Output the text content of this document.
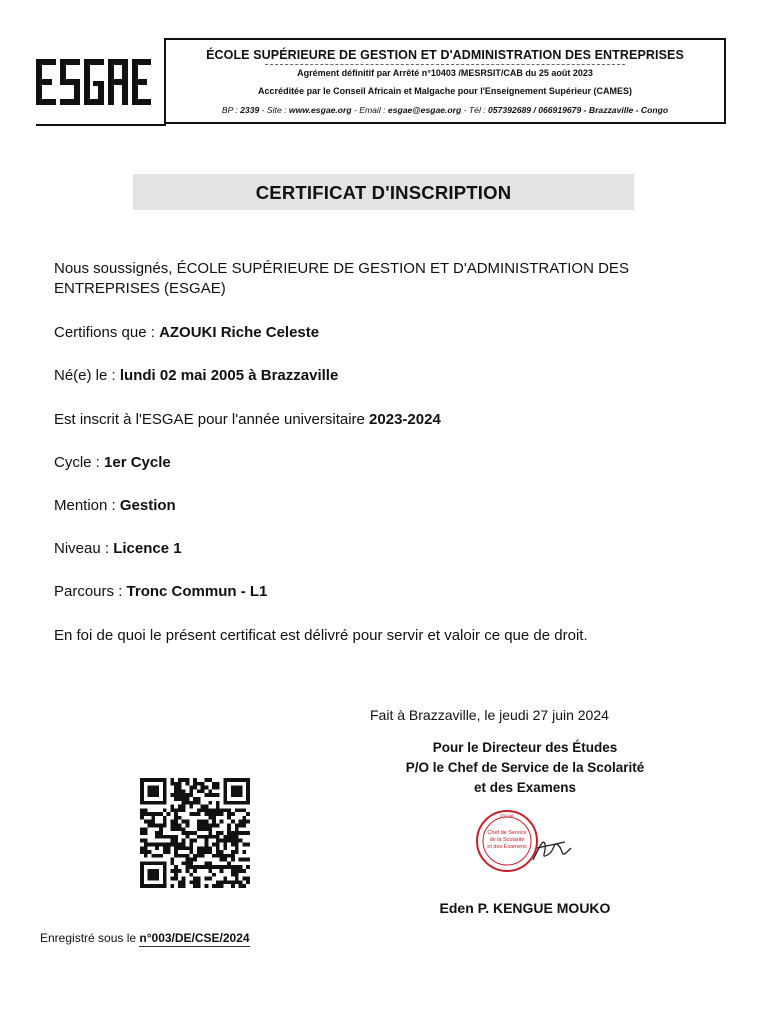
ÉCOLE SUPÉRIEURE DE GESTION ET D'ADMINISTRATION DES ENTREPRISES
Agrément définitif par Arrêté n°10403 /MESRSIT/CAB du 25 août 2023
Accréditée par le Conseil Africain et Malgache pour l'Enseignement Supérieur (CAMES)
BP : 2339 - Site : www.esgae.org - Email : esgae@esgae.org - Tél : 057392689 / 066919679 - Brazzaville - Congo
CERTIFICAT D'INSCRIPTION
Nous soussignés, ÉCOLE SUPÉRIEURE DE GESTION ET D'ADMINISTRATION DES ENTREPRISES (ESGAE)
Certifions que : AZOUKI Riche Celeste
Né(e) le : lundi 02 mai 2005 à Brazzaville
Est inscrit à l'ESGAE pour l'année universitaire 2023-2024
Cycle : 1er Cycle
Mention : Gestion
Niveau : Licence 1
Parcours : Tronc Commun - L1
En foi de quoi le présent certificat est délivré pour servir et valoir ce que de droit.
Fait à Brazzaville, le jeudi 27 juin 2024
Pour le Directeur des Études
P/O le Chef de Service de la Scolarité
et des Examens
Chef de Service
de la Scolarité
et des Examens
ESGAE
Eden P. KENGUE MOUKO
Enregistré sous le n°003/DE/CSE/2024
